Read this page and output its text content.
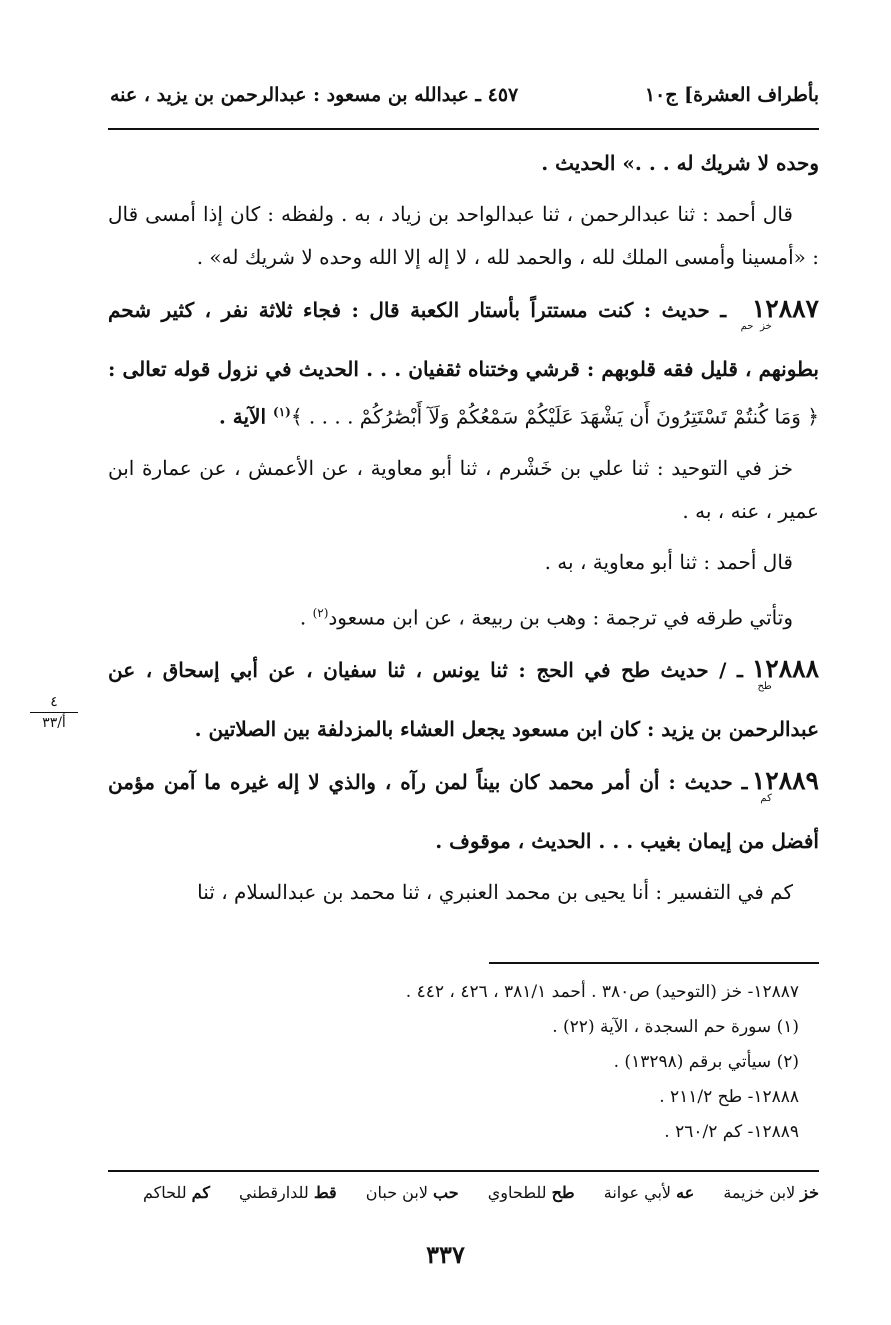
بأطراف العشرة] ج١٠
٤٥٧ ـ عبدالله بن مسعود : عبدالرحمن بن يزيد ، عنه

وحده لا شريك له . . .» الحديث .

قال أحمد : ثنا عبدالرحمن ، ثنا عبدالواحد بن زياد ، به . ولفظه : كان إذا أمسى قال : «أمسينا وأمسى الملك لله ، والحمد لله ، لا إله إلا الله وحده لا شريك له» .

$١٢٨٨٧_{خز حم}$ ـ حديث : كنت مستتراً بأستار الكعبة قال : فجاء ثلاثة نفر ، كثير شحم بطونهم ، قليل فقه قلوبهم : قرشي وختناه ثقفيان . . . الحديث في نزول قوله تعالى : ﴿ وَمَا كُنتُمْ تَسْتَتِرُونَ أَن يَشْهَدَ عَلَيْكُمْ سَمْعُكُمْ وَلَآ أَبْصَٰرُكُمْ . . . . ﴾$^{(١)}$ الآية .

خز في التوحيد : ثنا علي بن خَشْرم ، ثنا أبو معاوية ، عن الأعمش ، عن عمارة ابن عمير ، عنه ، به .

قال أحمد : ثنا أبو معاوية ، به .

وتأتي طرقه في ترجمة : وهب بن ربيعة ، عن ابن مسعود$^{(٢)}$ .

$١٢٨٨٨_{طح}$ ـ / حديث طح في الحج : ثنا يونس ، ثنا سفيان ، عن أبي إسحاق ، عن عبدالرحمن بن يزيد : كان ابن مسعود يجعل العشاء بالمزدلفة بين الصلاتين .

$١٢٨٨٩_{كم}$ ـ حديث : أن أمر محمد كان بيناً لمن رآه ، والذي لا إله غيره ما آمن مؤمن أفضل من إيمان بغيب . . . الحديث ، موقوف .

كم في التفسير : أنا يحيى بن محمد العنبري ، ثنا محمد بن عبدالسلام ، ثنا

٤
أ/٣٣
١٢٨٨٧- خز (التوحيد) ص٣٨٠ . أحمد ٣٨١/١ ، ٤٢٦ ، ٤٤٢ .
(١) سورة حم السجدة ، الآية (٢٢) .
(٢) سيأتي برقم (١٣٢٩٨) .
١٢٨٨٨- طح ٢١١/٢ .
١٢٨٨٩- كم ٢٦٠/٢ .
خز لابن خزيمة عه لأبي عوانة طح للطحاوي حب لابن حبان قط للدارقطني كم للحاكم
٣٣٧
